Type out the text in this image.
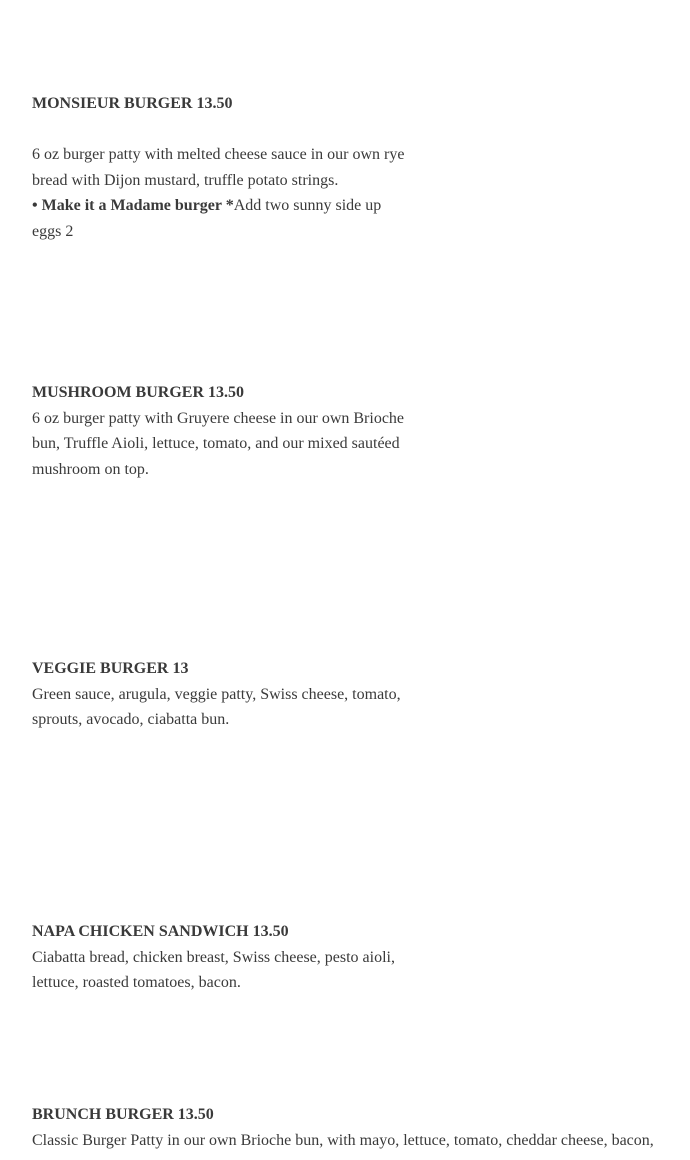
MONSIEUR BURGER 13.50

6 oz burger patty with melted cheese sauce in our own rye bread with Dijon mustard, truffle potato strings.

• Make it a Madame burger *Add two sunny side up eggs 2

MUSHROOM BURGER 13.50

6 oz burger patty with Gruyere cheese in our own Brioche bun, Truffle Aioli, lettuce, tomato, and our mixed sautéed mushroom on top.

VEGGIE BURGER 13

Green sauce, arugula, veggie patty, Swiss cheese, tomato, sprouts, avocado, ciabatta bun.

NAPA CHICKEN SANDWICH 13.50

Ciabatta bread, chicken breast, Swiss cheese, pesto aioli, lettuce, roasted tomatoes, bacon.

BRUNCH BURGER 13.50

Classic Burger Patty in our own Brioche bun, with mayo, lettuce, tomato, cheddar cheese, bacon,
